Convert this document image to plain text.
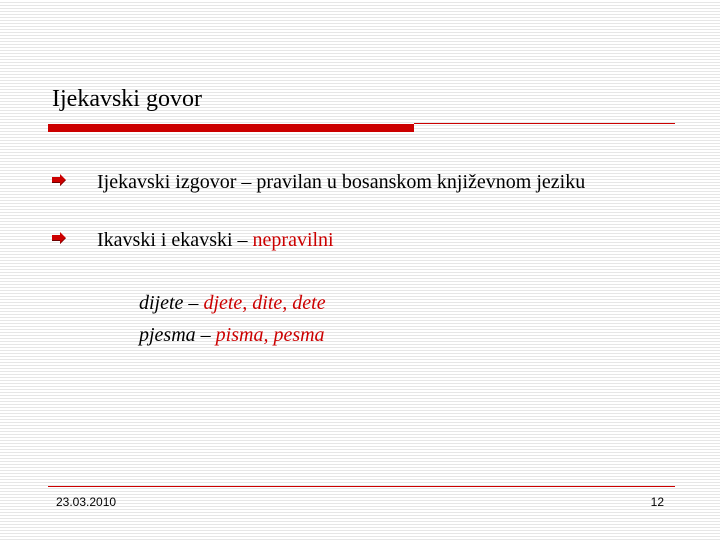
Ijekavski govor
Ijekavski izgovor – pravilan u bosanskom književnom jeziku
Ikavski i ekavski – nepravilni
dijete – djete, dite, dete
pjesma – pisma, pesma
23.03.2010	12
